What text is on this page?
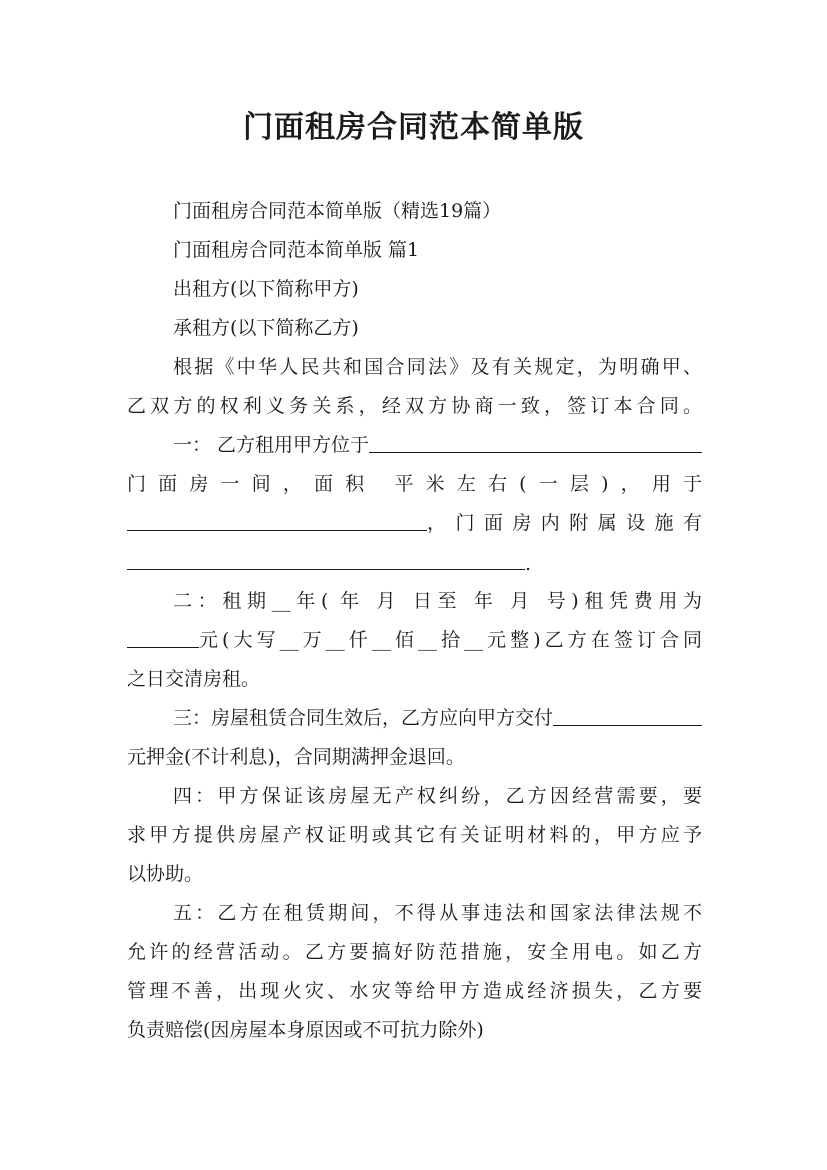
门面租房合同范本简单版
门面租房合同范本简单版（精选19篇）
门面租房合同范本简单版 篇1
出租方(以下简称甲方)
承租方(以下简称乙方)
根据《中华人民共和国合同法》及有关规定，为明确甲、
乙双方的权利义务关系，经双方协商一致，签订本合同。
一： 乙方租用甲方位于
门面房一间，面积 平米左右(一层)，用于
，门面房内附属设施有
.
二：租期__年( 年 月 日至 年 月 号)租凭费用为
元(大写__万__仟__佰__拾__元整)乙方在签订合同
之日交清房租。
三：房屋租赁合同生效后，乙方应向甲方交付
元押金(不计利息)，合同期满押金退回。
四：甲方保证该房屋无产权纠纷，乙方因经营需要，要
求甲方提供房屋产权证明或其它有关证明材料的，甲方应予
以协助。
五：乙方在租赁期间，不得从事违法和国家法律法规不
允许的经营活动。乙方要搞好防范措施，安全用电。如乙方
管理不善，出现火灾、水灾等给甲方造成经济损失，乙方要
负责赔偿(因房屋本身原因或不可抗力除外)
